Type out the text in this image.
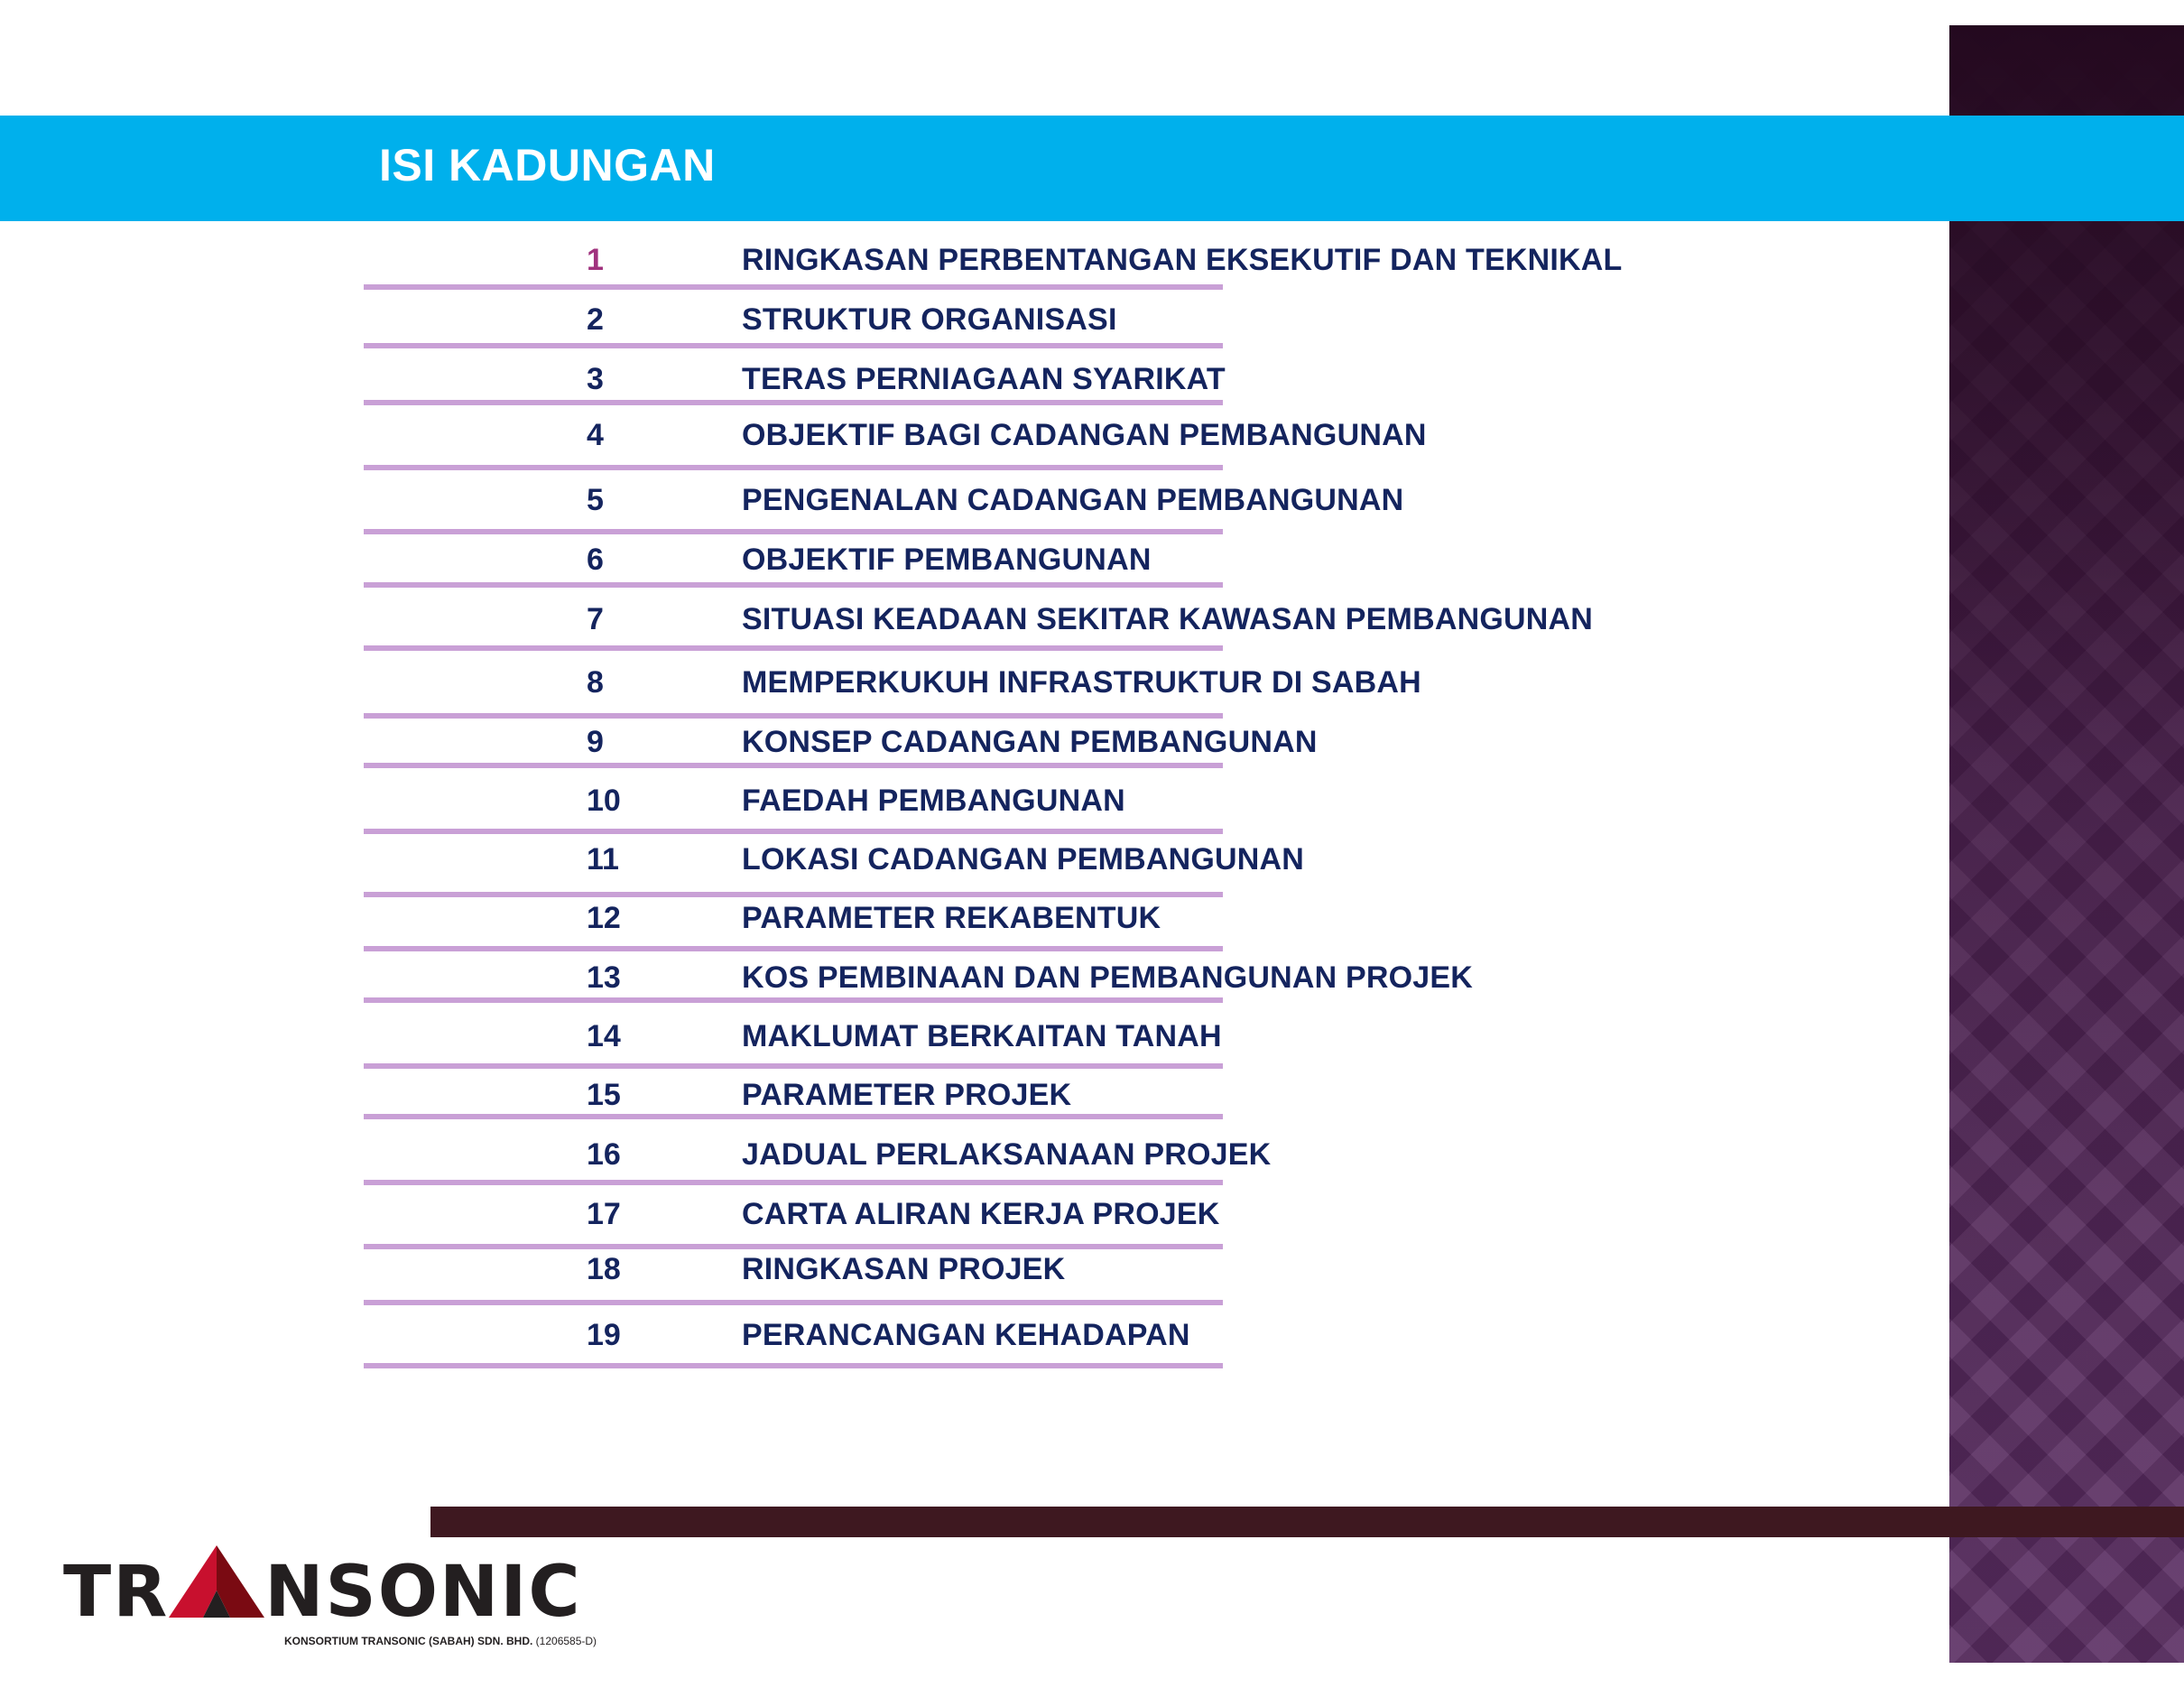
ISI KADUNGAN
1	RINGKASAN PERBENTANGAN EKSEKUTIF DAN TEKNIKAL
2	STRUKTUR ORGANISASI
3	TERAS PERNIAGAAN SYARIKAT
4	OBJEKTIF BAGI CADANGAN PEMBANGUNAN
5	PENGENALAN CADANGAN PEMBANGUNAN
6	OBJEKTIF PEMBANGUNAN
7	SITUASI KEADAAN SEKITAR KAWASAN PEMBANGUNAN
8	MEMPERKUKUH INFRASTRUKTUR DI SABAH
9	KONSEP CADANGAN PEMBANGUNAN
10	FAEDAH PEMBANGUNAN
11	LOKASI CADANGAN PEMBANGUNAN
12	PARAMETER REKABENTUK
13	KOS PEMBINAAN DAN PEMBANGUNAN PROJEK
14	MAKLUMAT BERKAITAN TANAH
15	PARAMETER PROJEK
16	JADUAL PERLAKSANAAN PROJEK
17	CARTA ALIRAN KERJA PROJEK
18	RINGKASAN PROJEK
19	PERANCANGAN KEHADAPAN
TR NSONIC
KONSORTIUM TRANSONIC (SABAH) SDN. BHD. (1206585-D)
